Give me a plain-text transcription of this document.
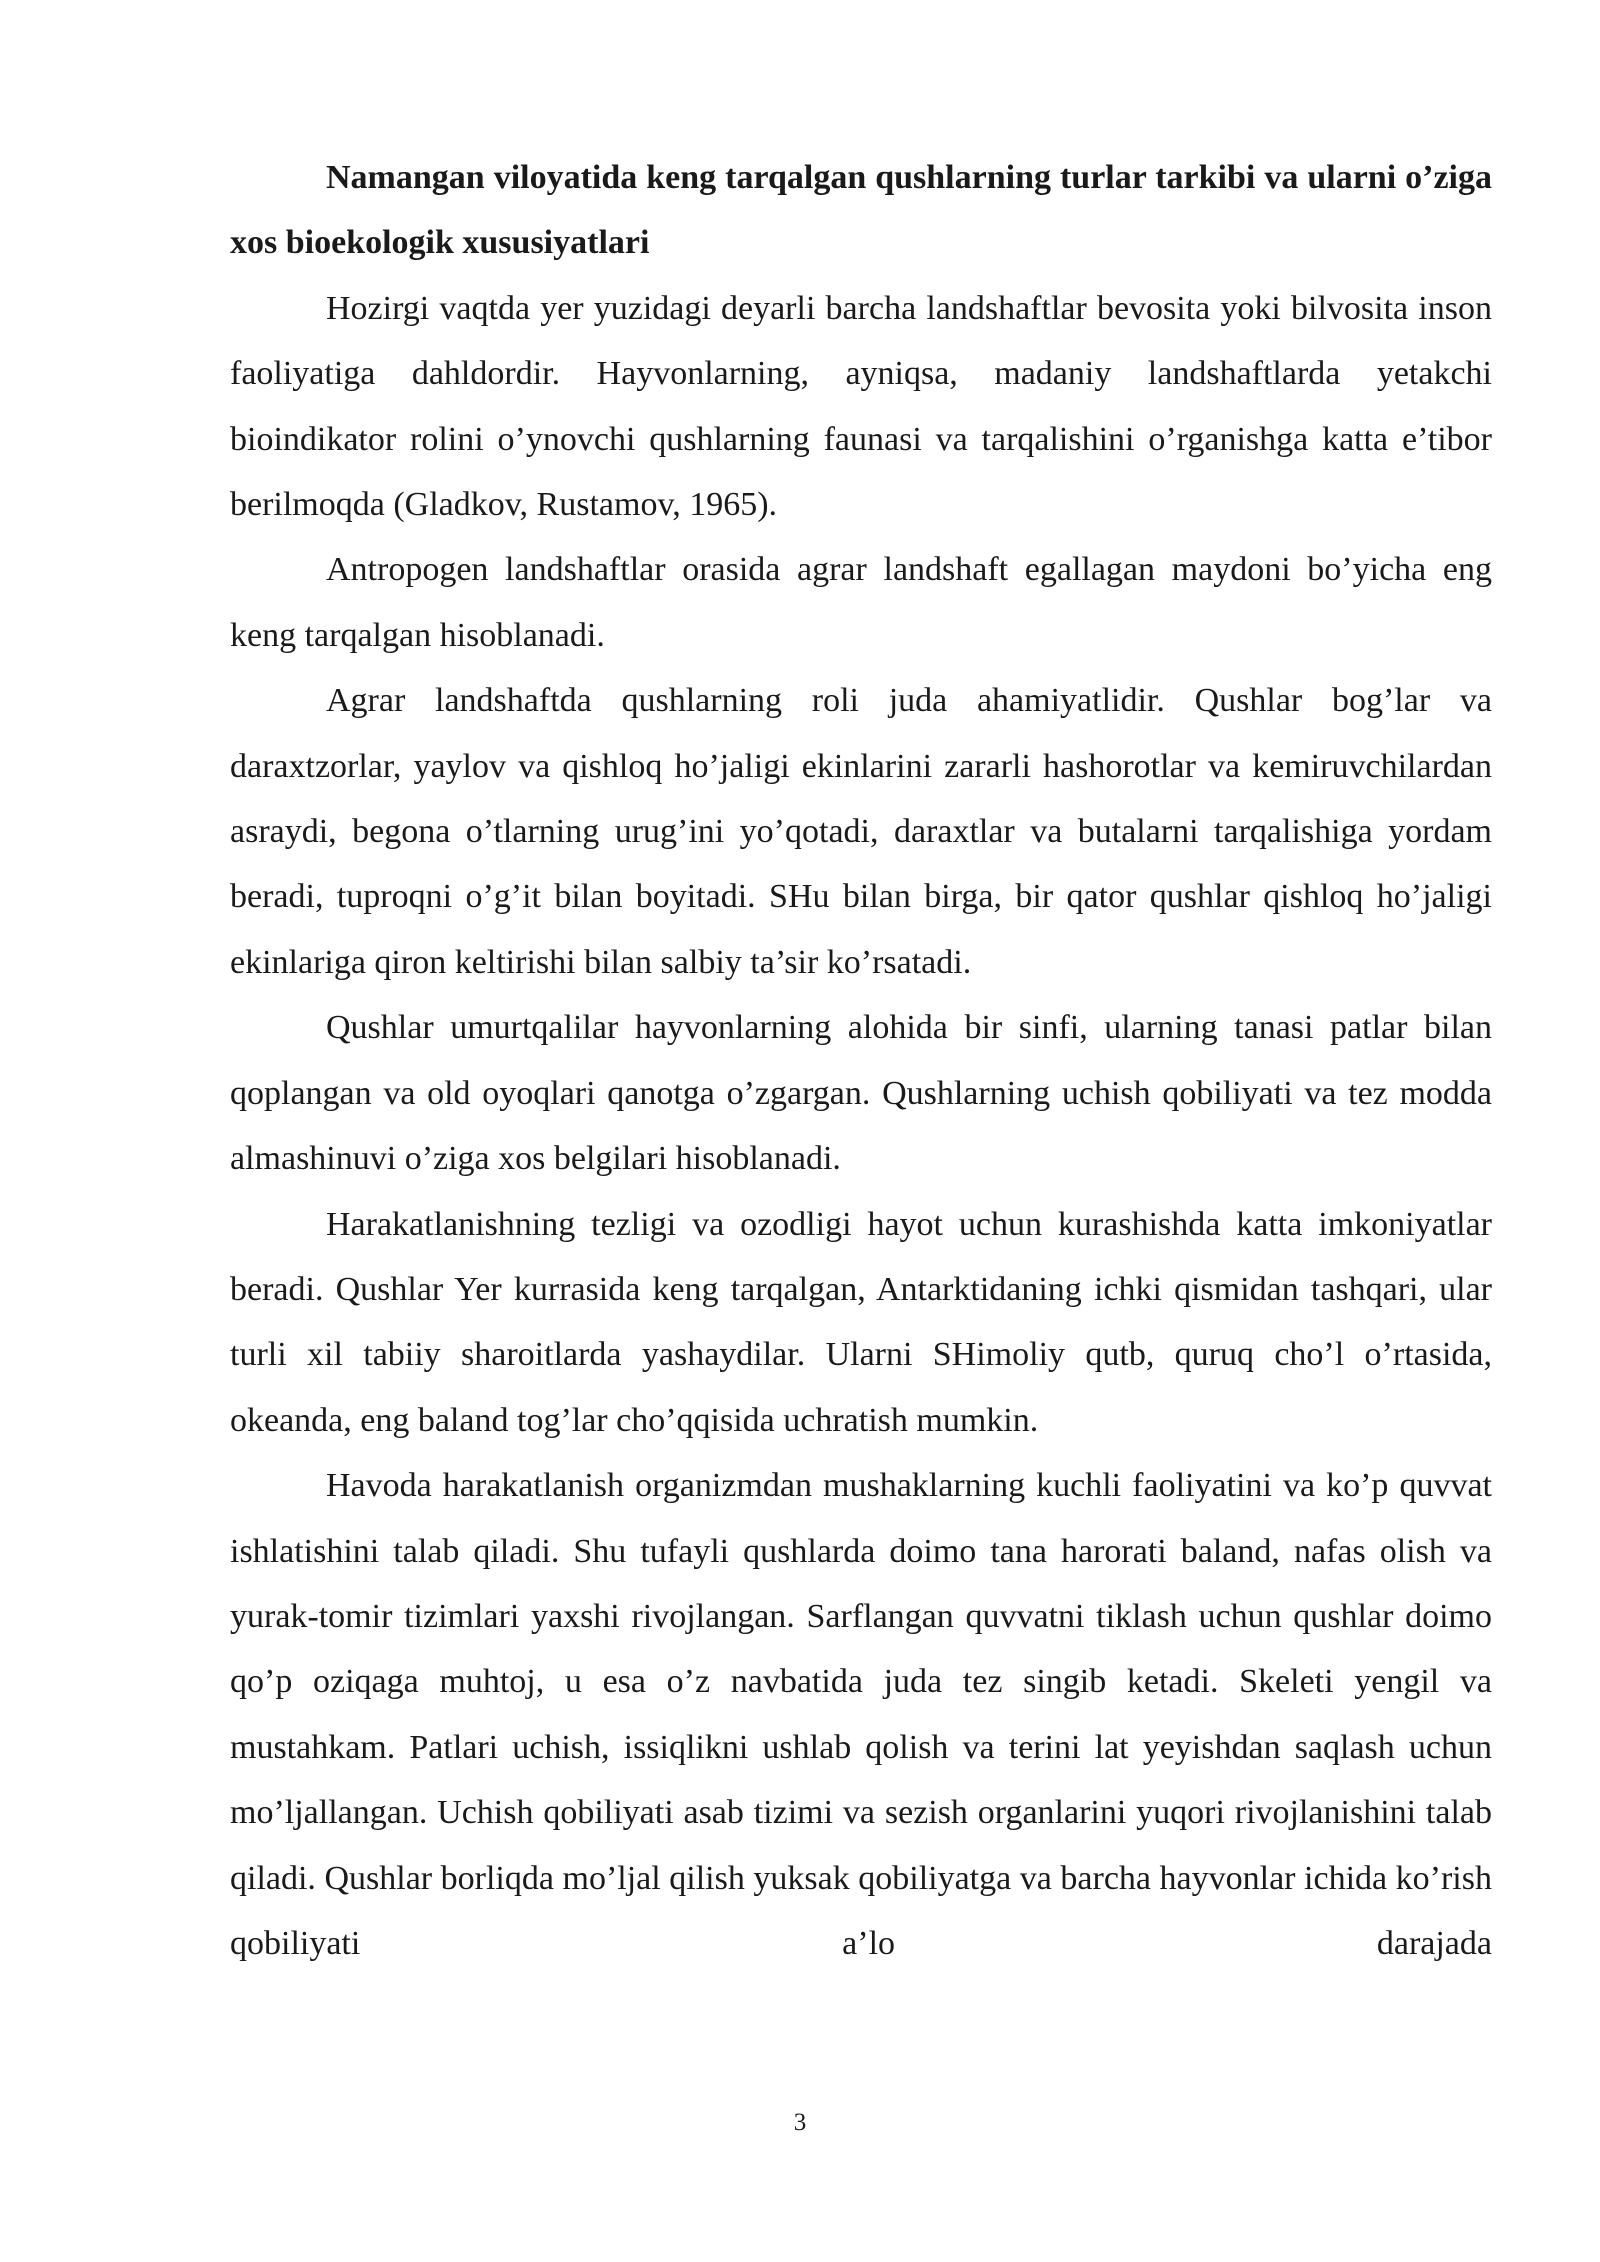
Namangan viloyatida keng tarqalgan qushlarning turlar tarkibi va ularni o’ziga xos bioekologik xususiyatlari

Hozirgi vaqtda yer yuzidagi deyarli barcha landshaftlar bevosita yoki bilvosita inson faoliyatiga dahldordir. Hayvonlarning, ayniqsa, madaniy landshaftlarda yetakchi bioindikator rolini o’ynovchi qushlarning faunasi va tarqalishini o’rganishga katta e’tibor berilmoqda (Gladkov, Rustamov, 1965).

Antropogen landshaftlar orasida agrar landshaft egallagan maydoni bo’yicha eng keng tarqalgan hisoblanadi.

Agrar landshaftda qushlarning roli juda ahamiyatlidir. Qushlar bog’lar va daraxtzorlar, yaylov va qishloq ho’jaligi ekinlarini zararli hashorotlar va kemiruvchilardan asraydi, begona o’tlarning urug’ini yo’qotadi, daraxtlar va butalarni tarqalishiga yordam beradi, tuproqni o’g’it bilan boyitadi. SHu bilan birga, bir qator qushlar qishloq ho’jaligi ekinlariga qiron keltirishi bilan salbiy ta’sir ko’rsatadi.

Qushlar umurtqalilar hayvonlarning alohida bir sinfi, ularning tanasi patlar bilan qoplangan va old oyoqlari qanotga o’zgargan. Qushlarning uchish qobiliyati va tez modda almashinuvi o’ziga xos belgilari hisoblanadi.

Harakatlanishning tezligi va ozodligi hayot uchun kurashishda katta imkoniyatlar beradi. Qushlar Yer kurrasida keng tarqalgan, Antarktidaning ichki qismidan tashqari, ular turli xil tabiiy sharoitlarda yashaydilar. Ularni SHimoliy qutb, quruq cho’l o’rtasida, okeanda, eng baland tog’lar cho’qqisida uchratish mumkin.

Havoda harakatlanish organizmdan mushaklarning kuchli faoliyatini va ko’p quvvat ishlatishini talab qiladi. Shu tufayli qushlarda doimo tana harorati baland, nafas olish va yurak-tomir tizimlari yaxshi rivojlangan. Sarflangan quvvatni tiklash uchun qushlar doimo qo’p oziqaga muhtoj, u esa o’z navbatida juda tez singib ketadi. Skeleti yengil va mustahkam. Patlari uchish, issiqlikni ushlab qolish va terini lat yeyishdan saqlash uchun mo’ljallangan. Uchish qobiliyati asab tizimi va sezish organlarini yuqori rivojlanishini talab qiladi. Qushlar borliqda mo’ljal qilish yuksak qobiliyatga va barcha hayvonlar ichida ko’rish qobiliyati a’lo darajada

3
